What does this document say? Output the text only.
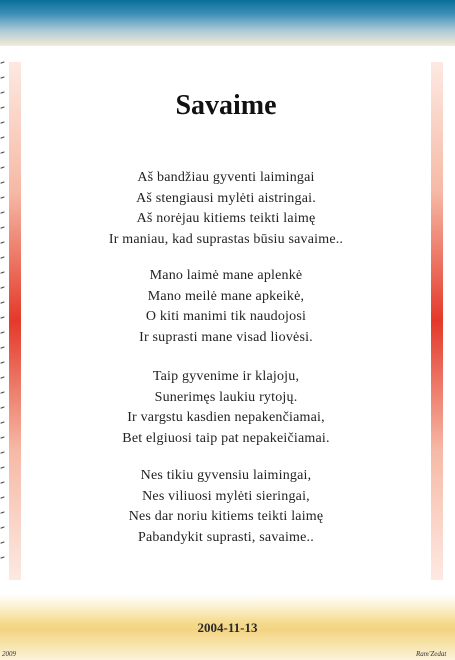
Savaime
Aš bandžiau gyventi laimingai
Aš stengiausi mylėti aistringai.
Aš norėjau kitiems teikti laimę
Ir maniau, kad suprastas būsiu savaime..
Mano laimė mane aplenkė
Mano meilė mane apkeikė,
O kiti manimi tik naudojosi
Ir suprasti mane visad liovėsi.
Taip gyvenime ir klajoju,
Sunerimęs laukiu rytojų.
Ir vargstu kasdien nepakenčiamai,
Bet elgiuosi taip pat nepakeičiamai.
Nes tikiu gyvensiu laimingai,
Nes viliuosi mylėti sieringai,
Nes dar noriu kitiems teikti laimę
Pabandykit suprasti, savaime..
2004-11-13
2009	Ram'Zedat
